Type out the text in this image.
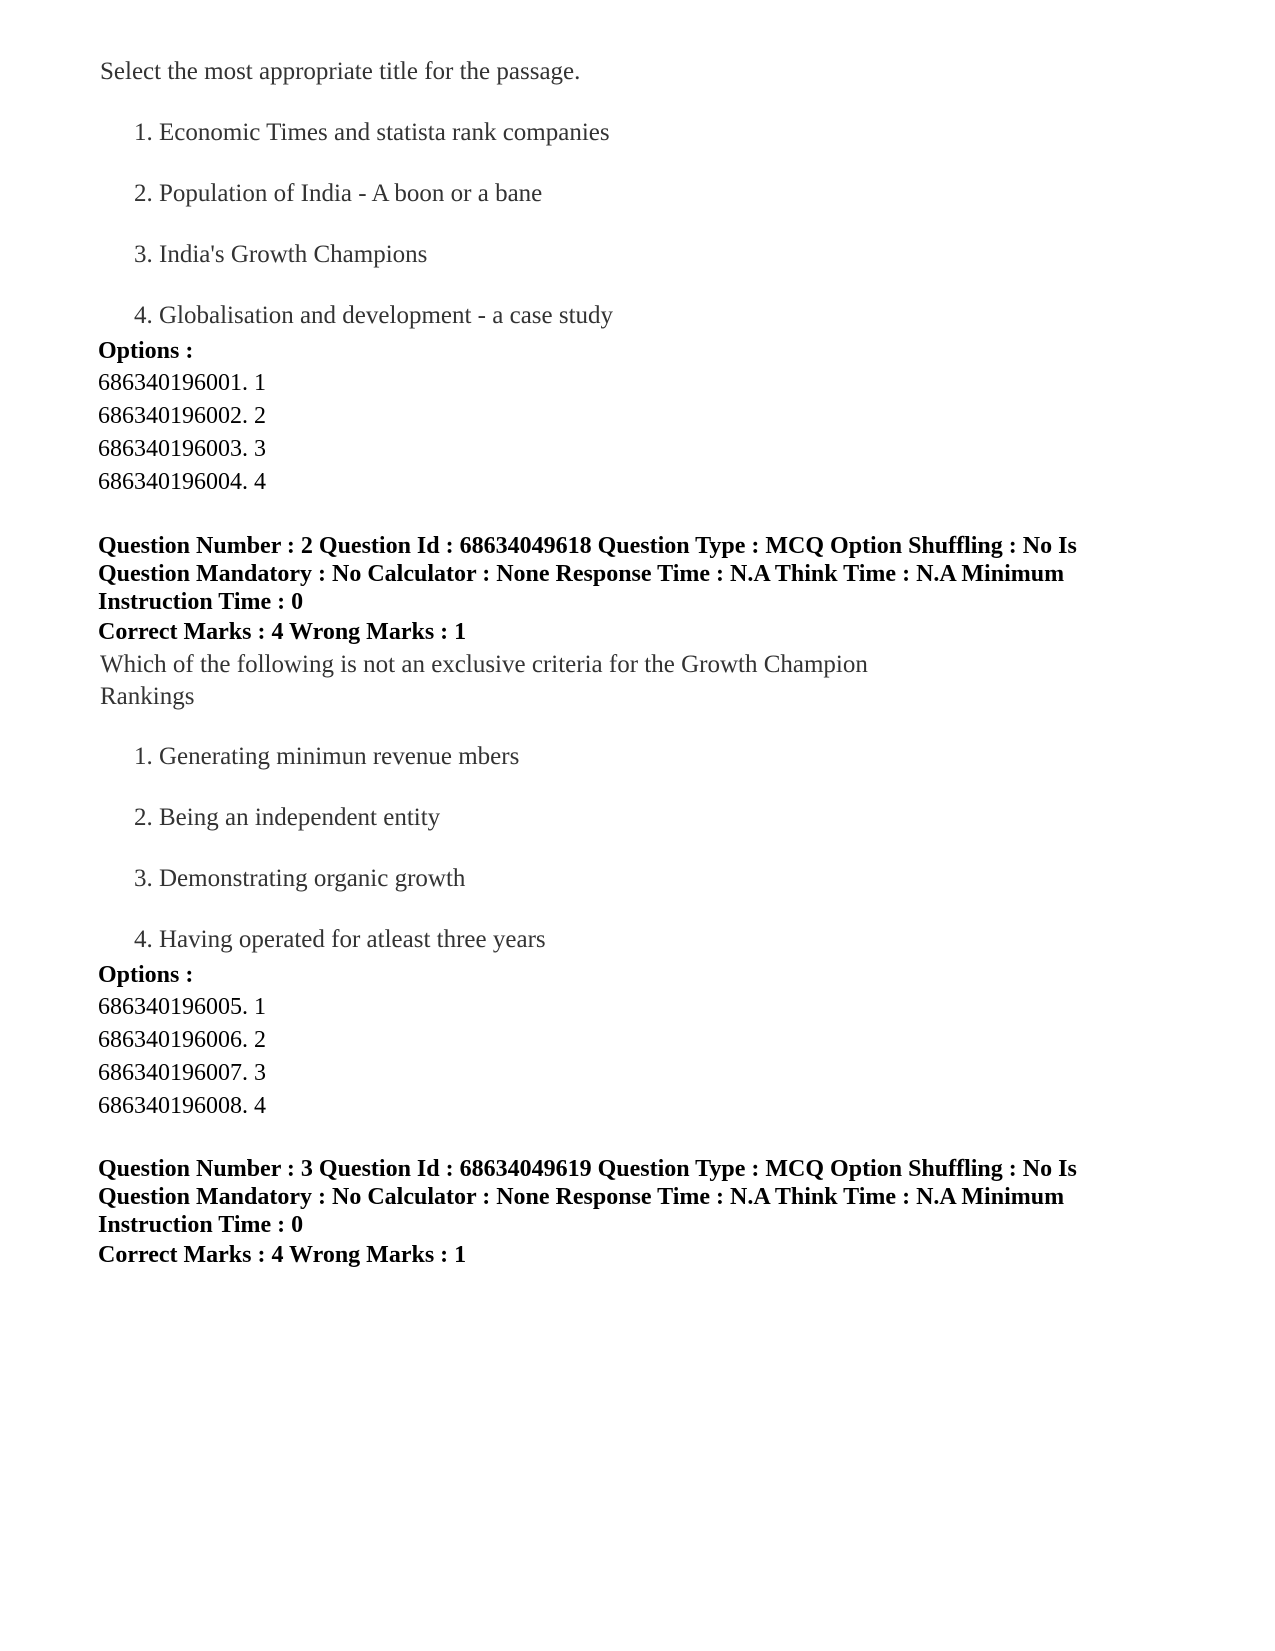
Select the most appropriate title for the passage.
1. Economic Times and statista rank companies
2. Population of India - A boon or a bane
3. India's Growth Champions
4. Globalisation and development - a case study
Options :
686340196001. 1
686340196002. 2
686340196003. 3
686340196004. 4
Question Number : 2 Question Id : 68634049618 Question Type : MCQ Option Shuffling : No Is Question Mandatory : No Calculator : None Response Time : N.A Think Time : N.A Minimum Instruction Time : 0
Correct Marks : 4 Wrong Marks : 1
Which of the following is not an exclusive criteria for the Growth Champion Rankings
1. Generating minimun revenue mbers
2. Being an independent entity
3. Demonstrating organic growth
4. Having operated for atleast three years
Options :
686340196005. 1
686340196006. 2
686340196007. 3
686340196008. 4
Question Number : 3 Question Id : 68634049619 Question Type : MCQ Option Shuffling : No Is Question Mandatory : No Calculator : None Response Time : N.A Think Time : N.A Minimum Instruction Time : 0
Correct Marks : 4 Wrong Marks : 1
